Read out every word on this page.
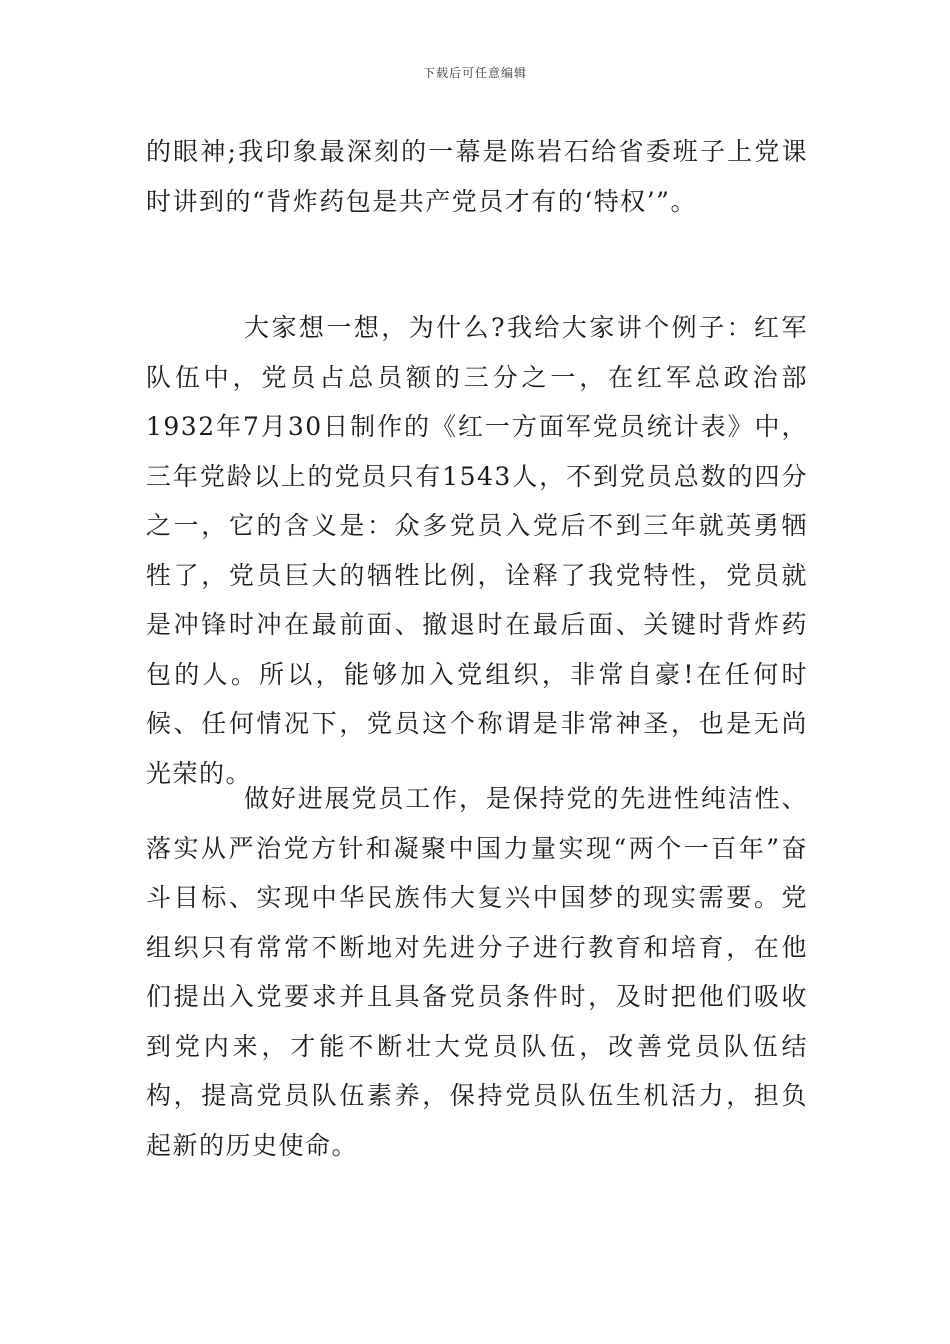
下载后可任意编辑

的眼神;我印象最深刻的一幕是陈岩石给省委班子上党课时讲到的“背炸药包是共产党员才有的‘特权’”。

大家想一想，为什么?我给大家讲个例子：红军队伍中，党员占总员额的三分之一，在红军总政治部1932年7月30日制作的《红一方面军党员统计表》中，三年党龄以上的党员只有1543人，不到党员总数的四分之一，它的含义是：众多党员入党后不到三年就英勇牺牲了，党员巨大的牺牲比例，诠释了我党特性，党员就是冲锋时冲在最前面、撤退时在最后面、关键时背炸药包的人。所以，能够加入党组织，非常自豪!在任何时候、任何情况下，党员这个称谓是非常神圣，也是无尚光荣的。

做好进展党员工作，是保持党的先进性纯洁性、落实从严治党方针和凝聚中国力量实现“两个一百年”奋斗目标、实现中华民族伟大复兴中国梦的现实需要。党组织只有常常不断地对先进分子进行教育和培育，在他们提出入党要求并且具备党员条件时，及时把他们吸收到党内来，才能不断壮大党员队伍，改善党员队伍结构，提高党员队伍素养，保持党员队伍生机活力，担负起新的历史使命。
